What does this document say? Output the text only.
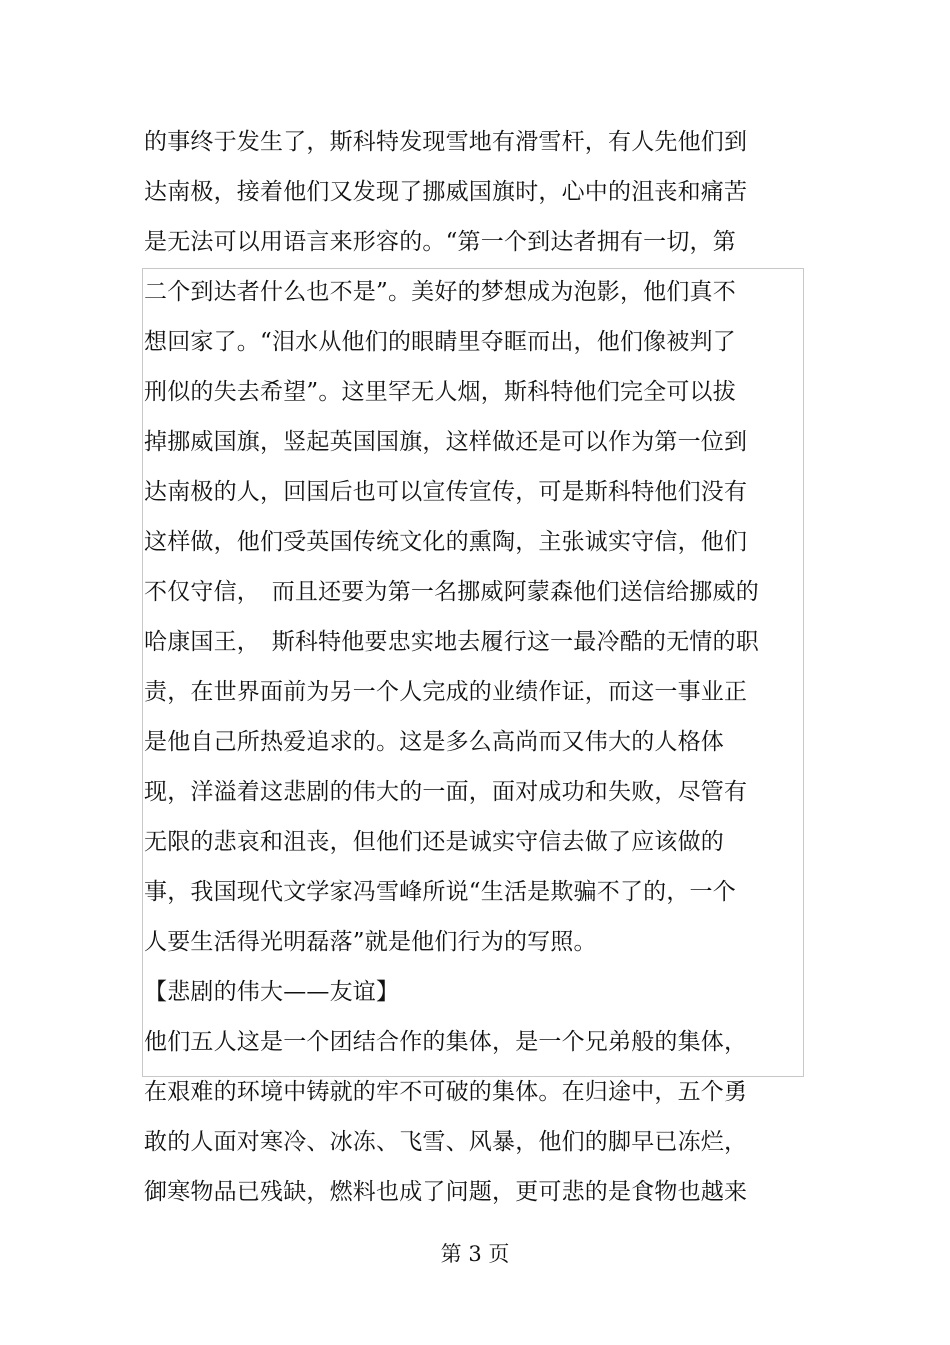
的事终于发生了，斯科特发现雪地有滑雪杆，有人先他们到
达南极，接着他们又发现了挪威国旗时，心中的沮丧和痛苦
是无法可以用语言来形容的。“第一个到达者拥有一切，第
二个到达者什么也不是”。美好的梦想成为泡影，他们真不
想回家了。“泪水从他们的眼睛里夺眶而出，他们像被判了
刑似的失去希望”。这里罕无人烟，斯科特他们完全可以拔
掉挪威国旗，竖起英国国旗，这样做还是可以作为第一位到
达南极的人，回国后也可以宣传宣传，可是斯科特他们没有
这样做，他们受英国传统文化的熏陶，主张诚实守信，他们
不仅守信，　而且还要为第一名挪威阿蒙森他们送信给挪威的
哈康国王，　斯科特他要忠实地去履行这一最冷酷的无情的职
责，在世界面前为另一个人完成的业绩作证，而这一事业正
是他自己所热爱追求的。这是多么高尚而又伟大的人格体
现，洋溢着这悲剧的伟大的一面，面对成功和失败，尽管有
无限的悲哀和沮丧，但他们还是诚实守信去做了应该做的
事，我国现代文学家冯雪峰所说“生活是欺骗不了的，一个
人要生活得光明磊落”就是他们行为的写照。
【悲剧的伟大——友谊】
他们五人这是一个团结合作的集体，是一个兄弟般的集体，
在艰难的环境中铸就的牢不可破的集体。在归途中，五个勇
敢的人面对寒冷、冰冻、飞雪、风暴，他们的脚早已冻烂，
御寒物品已残缺，燃料也成了问题，更可悲的是食物也越来
第 3 页
